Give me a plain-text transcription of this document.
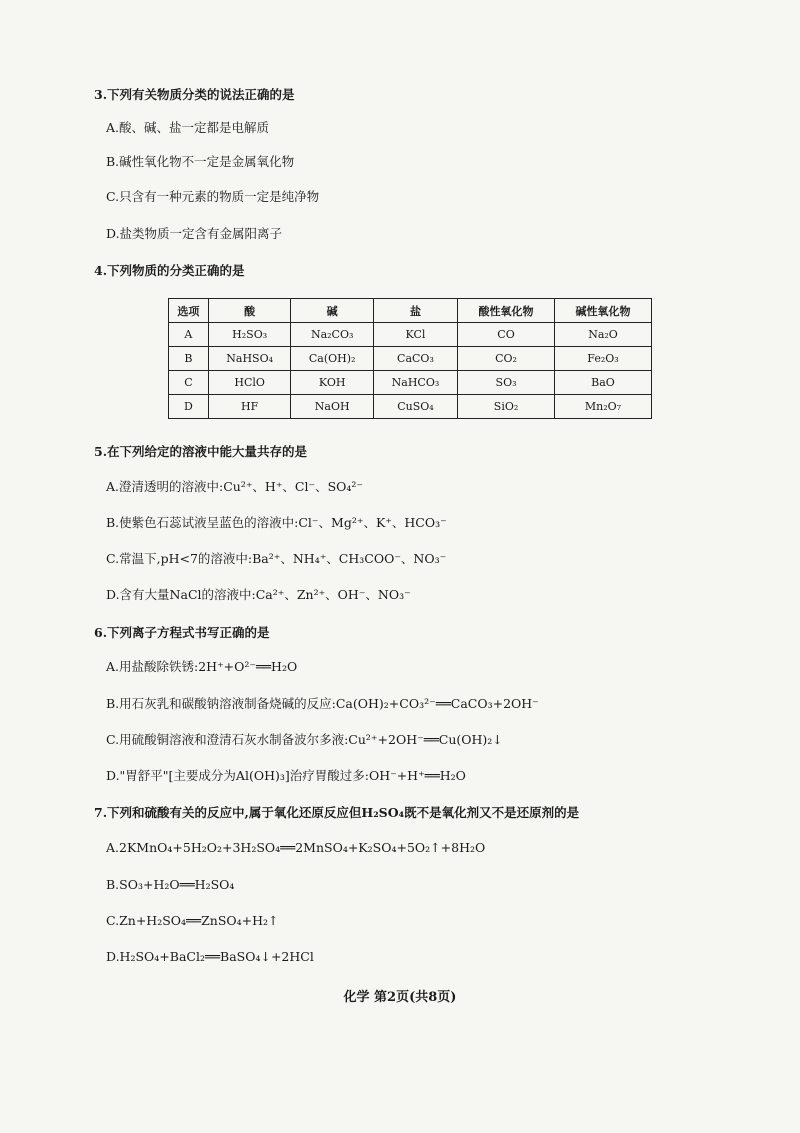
3.下列有关物质分类的说法正确的是
A.酸、碱、盐一定都是电解质
B.碱性氧化物不一定是金属氧化物
C.只含有一种元素的物质一定是纯净物
D.盐类物质一定含有金属阳离子
4.下列物质的分类正确的是
选项	酸	碱	盐	酸性氧化物	碱性氧化物
A	H₂SO₃	Na₂CO₃	KCl	CO	Na₂O
B	NaHSO₄	Ca(OH)₂	CaCO₃	CO₂	Fe₂O₃
C	HClO	KOH	NaHCO₃	SO₃	BaO
D	HF	NaOH	CuSO₄	SiO₂	Mn₂O₇
5.在下列给定的溶液中能大量共存的是
A.澄清透明的溶液中:Cu²⁺、H⁺、Cl⁻、SO₄²⁻
B.使紫色石蕊试液呈蓝色的溶液中:Cl⁻、Mg²⁺、K⁺、HCO₃⁻
C.常温下,pH<7的溶液中:Ba²⁺、NH₄⁺、CH₃COO⁻、NO₃⁻
D.含有大量NaCl的溶液中:Ca²⁺、Zn²⁺、OH⁻、NO₃⁻
6.下列离子方程式书写正确的是
A.用盐酸除铁锈:2H⁺+O²⁻══H₂O
B.用石灰乳和碳酸钠溶液制备烧碱的反应:Ca(OH)₂+CO₃²⁻══CaCO₃+2OH⁻
C.用硫酸铜溶液和澄清石灰水制备波尔多液:Cu²⁺+2OH⁻══Cu(OH)₂↓
D."胃舒平"[主要成分为Al(OH)₃]治疗胃酸过多:OH⁻+H⁺══H₂O
7.下列和硫酸有关的反应中,属于氧化还原反应但H₂SO₄既不是氧化剂又不是还原剂的是
A.2KMnO₄+5H₂O₂+3H₂SO₄══2MnSO₄+K₂SO₄+5O₂↑+8H₂O
B.SO₃+H₂O══H₂SO₄
C.Zn+H₂SO₄══ZnSO₄+H₂↑
D.H₂SO₄+BaCl₂══BaSO₄↓+2HCl
化学 第2页(共8页)
